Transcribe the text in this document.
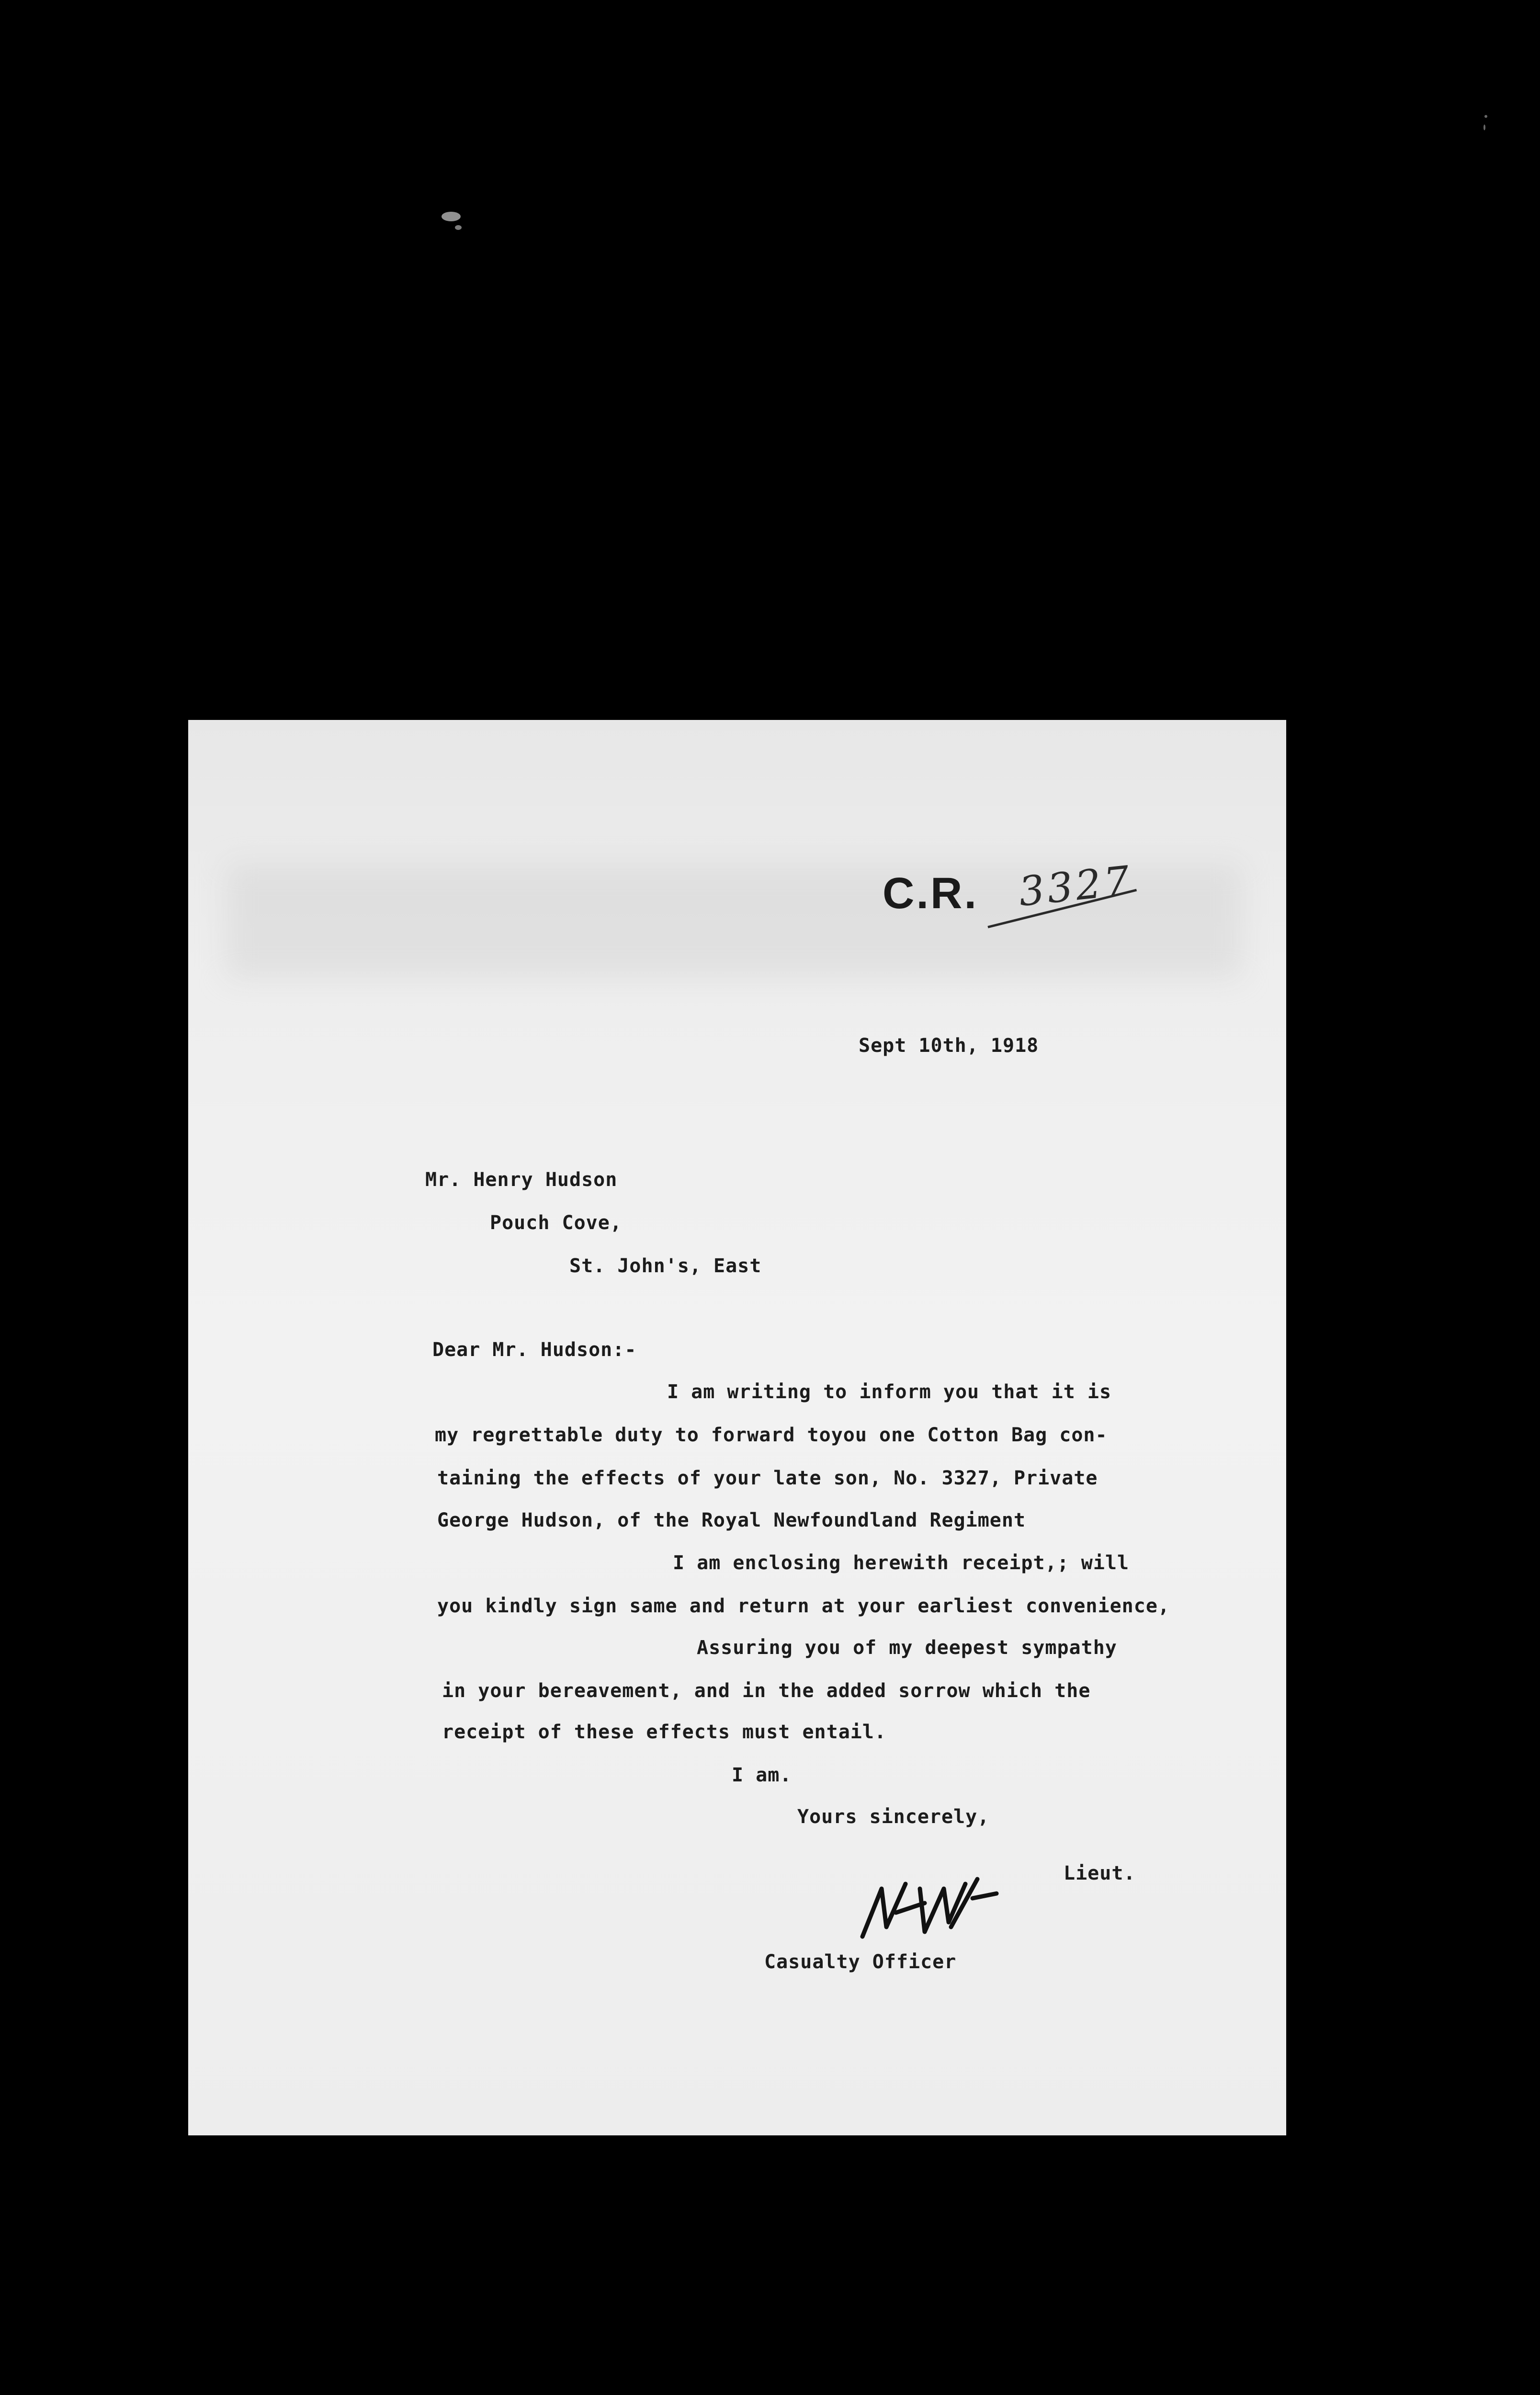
C.R. 3327
Sept 10th, 1918
Mr. Henry Hudson
Pouch Cove,
St. John's, East
Dear Mr. Hudson:-
I am writing to inform you that it is
my regrettable duty to forward toyou one Cotton Bag con-
taining the effects of your late son, No. 3327, Private
George Hudson, of the Royal Newfoundland Regiment
I am enclosing herewith receipt,; will
you kindly sign same and return at your earliest convenience,
Assuring you of my deepest sympathy
in your bereavement, and in the added sorrow which the
receipt of these effects must entail.
I am.
Yours sincerely,
Lieut.
Casualty Officer
